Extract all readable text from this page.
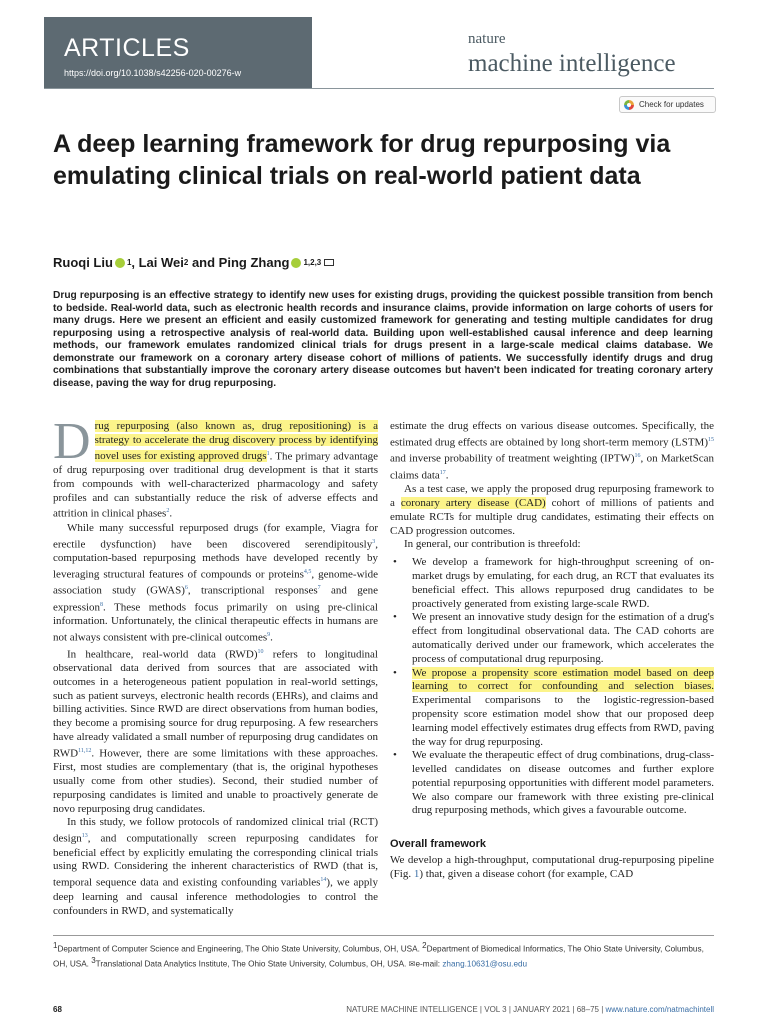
ARTICLES
https://doi.org/10.1038/s42256-020-00276-w
nature
machine intelligence
Check for updates
A deep learning framework for drug repurposing via emulating clinical trials on real-world patient data
Ruoqi Liu 1 , Lai Wei 2 and Ping Zhang 1,2,3

Drug repurposing is an effective strategy to identify new uses for existing drugs, providing the quickest possible transition from bench to bedside. Real-world data, such as electronic health records and insurance claims, provide information on large cohorts of users for many drugs. Here we present an efficient and easily customized framework for generating and testing multiple candidates for drug repurposing using a retrospective analysis of real-world data. Building upon well-established causal inference and deep learning methods, our framework emulates randomized clinical trials for drugs present in a large-scale medical claims database. We demonstrate our framework on a coronary artery disease cohort of millions of patients. We successfully identify drugs and drug combinations that substantially improve the coronary artery disease outcomes but haven't been indicated for treating coronary artery disease, paving the way for drug repurposing.

Drug repurposing (also known as, drug repositioning) is a strategy to accelerate the drug discovery process by identifying novel uses for existing approved drugs$^1$. The primary advantage of drug repurposing over traditional drug development is that it starts from compounds with well-characterized pharmacology and safety profiles and can substantially reduce the risk of adverse effects and attrition in clinical phases$^2$.

While many successful repurposed drugs (for example, Viagra for erectile dysfunction) have been discovered serendipitously$^3$, computation-based repurposing methods have developed recently by leveraging structural features of compounds or proteins$^{4,5}$, genome-wide association study (GWAS)$^6$, transcriptional responses$^7$ and gene expression$^8$. These methods focus primarily on using pre-clinical information. Unfortunately, the clinical therapeutic effects in humans are not always consistent with pre-clinical outcomes$^9$.

In healthcare, real-world data (RWD)$^{10}$ refers to longitudinal observational data derived from sources that are associated with outcomes in a heterogeneous patient population in real-world settings, such as patient surveys, electronic health records (EHRs), and claims and billing activities. Since RWD are direct observations from human bodies, they become a promising source for drug repurposing. A few researchers have already validated a small number of repurposing drug candidates on RWD$^{11,12}$. However, there are some limitations with these approaches. First, most studies are complementary (that is, the original hypotheses usually come from other studies). Second, their studied number of repurposing candidates is limited and unable to proactively generate de novo repurposing drug candidates.

In this study, we follow protocols of randomized clinical trial (RCT) design$^{13}$, and computationally screen repurposing candidates for beneficial effect by explicitly emulating the corresponding clinical trials using RWD. Considering the inherent characteristics of RWD (that is, temporal sequence data and existing confounding variables$^{14}$), we apply deep learning and causal inference methodologies to control the confounders in RWD, and systematically

estimate the drug effects on various disease outcomes. Specifically, the estimated drug effects are obtained by long short-term memory (LSTM)$^{15}$ and inverse probability of treatment weighting (IPTW)$^{16}$, on MarketScan claims data$^{17}$.

As a test case, we apply the proposed drug repurposing framework to a coronary artery disease (CAD) cohort of millions of patients and emulate RCTs for multiple drug candidates, estimating their effects on CAD progression outcomes.

In general, our contribution is threefold:

• We develop a framework for high-throughput screening of on-market drugs by emulating, for each drug, an RCT that evaluates its beneficial effect. This allows repurposed drug candidates to be proactively generated from existing large-scale RWD.
• We present an innovative study design for the estimation of a drug's effect from longitudinal observational data. The CAD cohorts are automatically derived under our framework, which accelerates the process of computational drug repurposing.
• We propose a propensity score estimation model based on deep learning to correct for confounding and selection biases. Experimental comparisons to the logistic-regression-based propensity score estimation model show that our proposed deep learning model effectively estimates drug effects from RWD, paving the way for drug repurposing.
• We evaluate the therapeutic effect of drug combinations, drug-class-levelled candidates on disease outcomes and further explore potential repurposing opportunities with different model parameters. We also compare our framework with three existing pre-clinical drug repurposing methods, which gives a favourable outcome.
Overall framework

We develop a high-throughput, computational drug-repurposing pipeline (Fig. 1) that, given a disease cohort (for example, CAD

1Department of Computer Science and Engineering, The Ohio State University, Columbus, OH, USA. 2Department of Biomedical Informatics, The Ohio State University, Columbus, OH, USA. 3Translational Data Analytics Institute, The Ohio State University, Columbus, OH, USA. ✉e-mail: zhang.10631@osu.edu
68	NATURE MACHINE INTELLIGENCE | VOL 3 | JANUARY 2021 | 68–75 | www.nature.com/natmachintell
